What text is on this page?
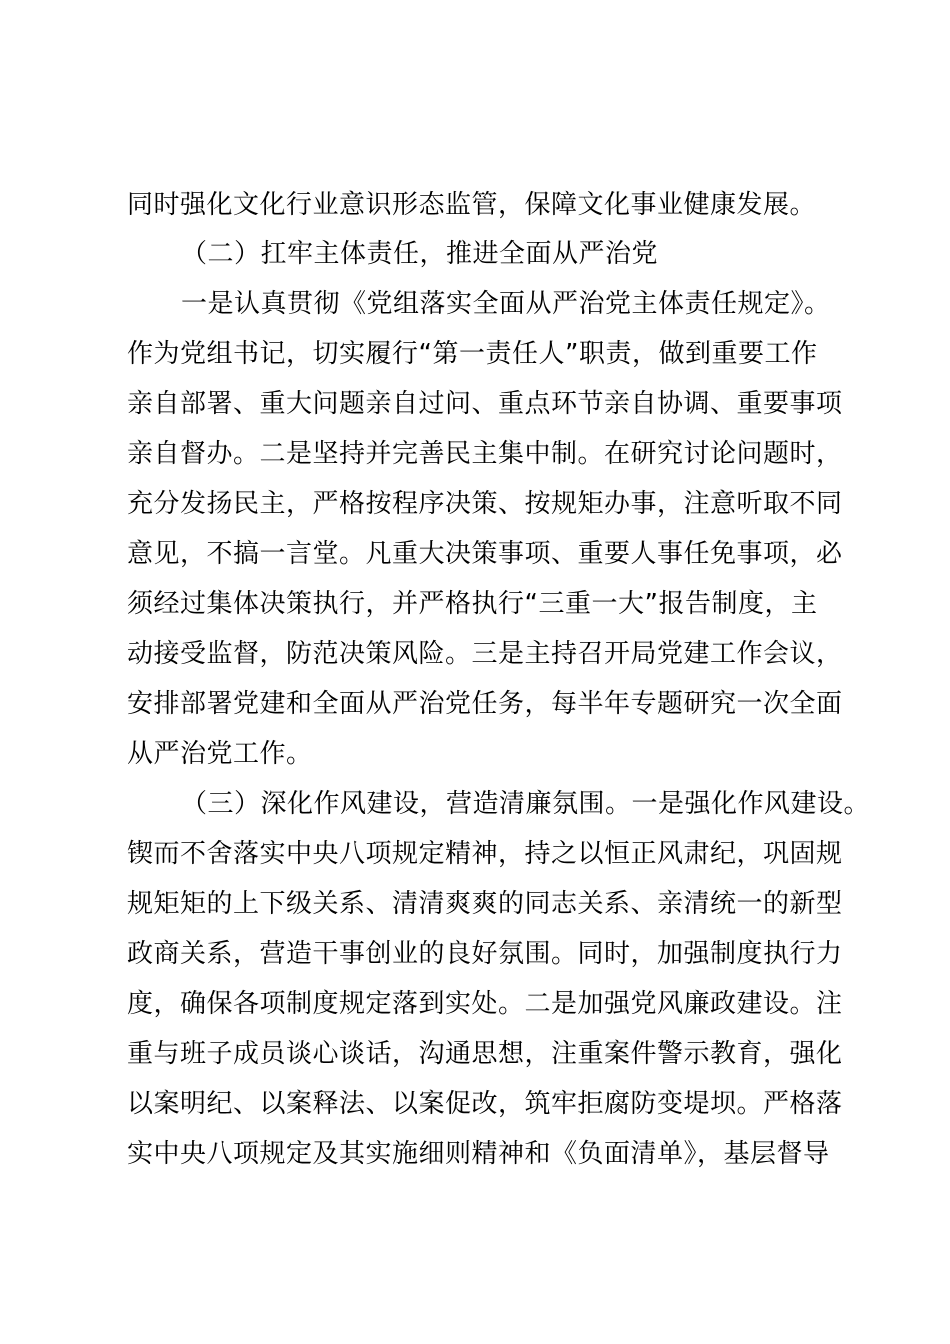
同时强化文化行业意识形态监管，保障文化事业健康发展。
（二）扛牢主体责任，推进全面从严治党
一是认真贯彻《党组落实全面从严治党主体责任规定》。
作为党组书记，切实履行“第一责任人”职责，做到重要工作
亲自部署、重大问题亲自过问、重点环节亲自协调、重要事项
亲自督办。二是坚持并完善民主集中制。在研究讨论问题时，
充分发扬民主，严格按程序决策、按规矩办事，注意听取不同
意见，不搞一言堂。凡重大决策事项、重要人事任免事项，必
须经过集体决策执行，并严格执行“三重一大”报告制度，主
动接受监督，防范决策风险。三是主持召开局党建工作会议，
安排部署党建和全面从严治党任务，每半年专题研究一次全面
从严治党工作。
（三）深化作风建设，营造清廉氛围。一是强化作风建设。
锲而不舍落实中央八项规定精神，持之以恒正风肃纪，巩固规
规矩矩的上下级关系、清清爽爽的同志关系、亲清统一的新型
政商关系，营造干事创业的良好氛围。同时，加强制度执行力
度，确保各项制度规定落到实处。二是加强党风廉政建设。注
重与班子成员谈心谈话，沟通思想，注重案件警示教育，强化
以案明纪、以案释法、以案促改，筑牢拒腐防变堤坝。严格落
实中央八项规定及其实施细则精神和《负面清单》，基层督导
